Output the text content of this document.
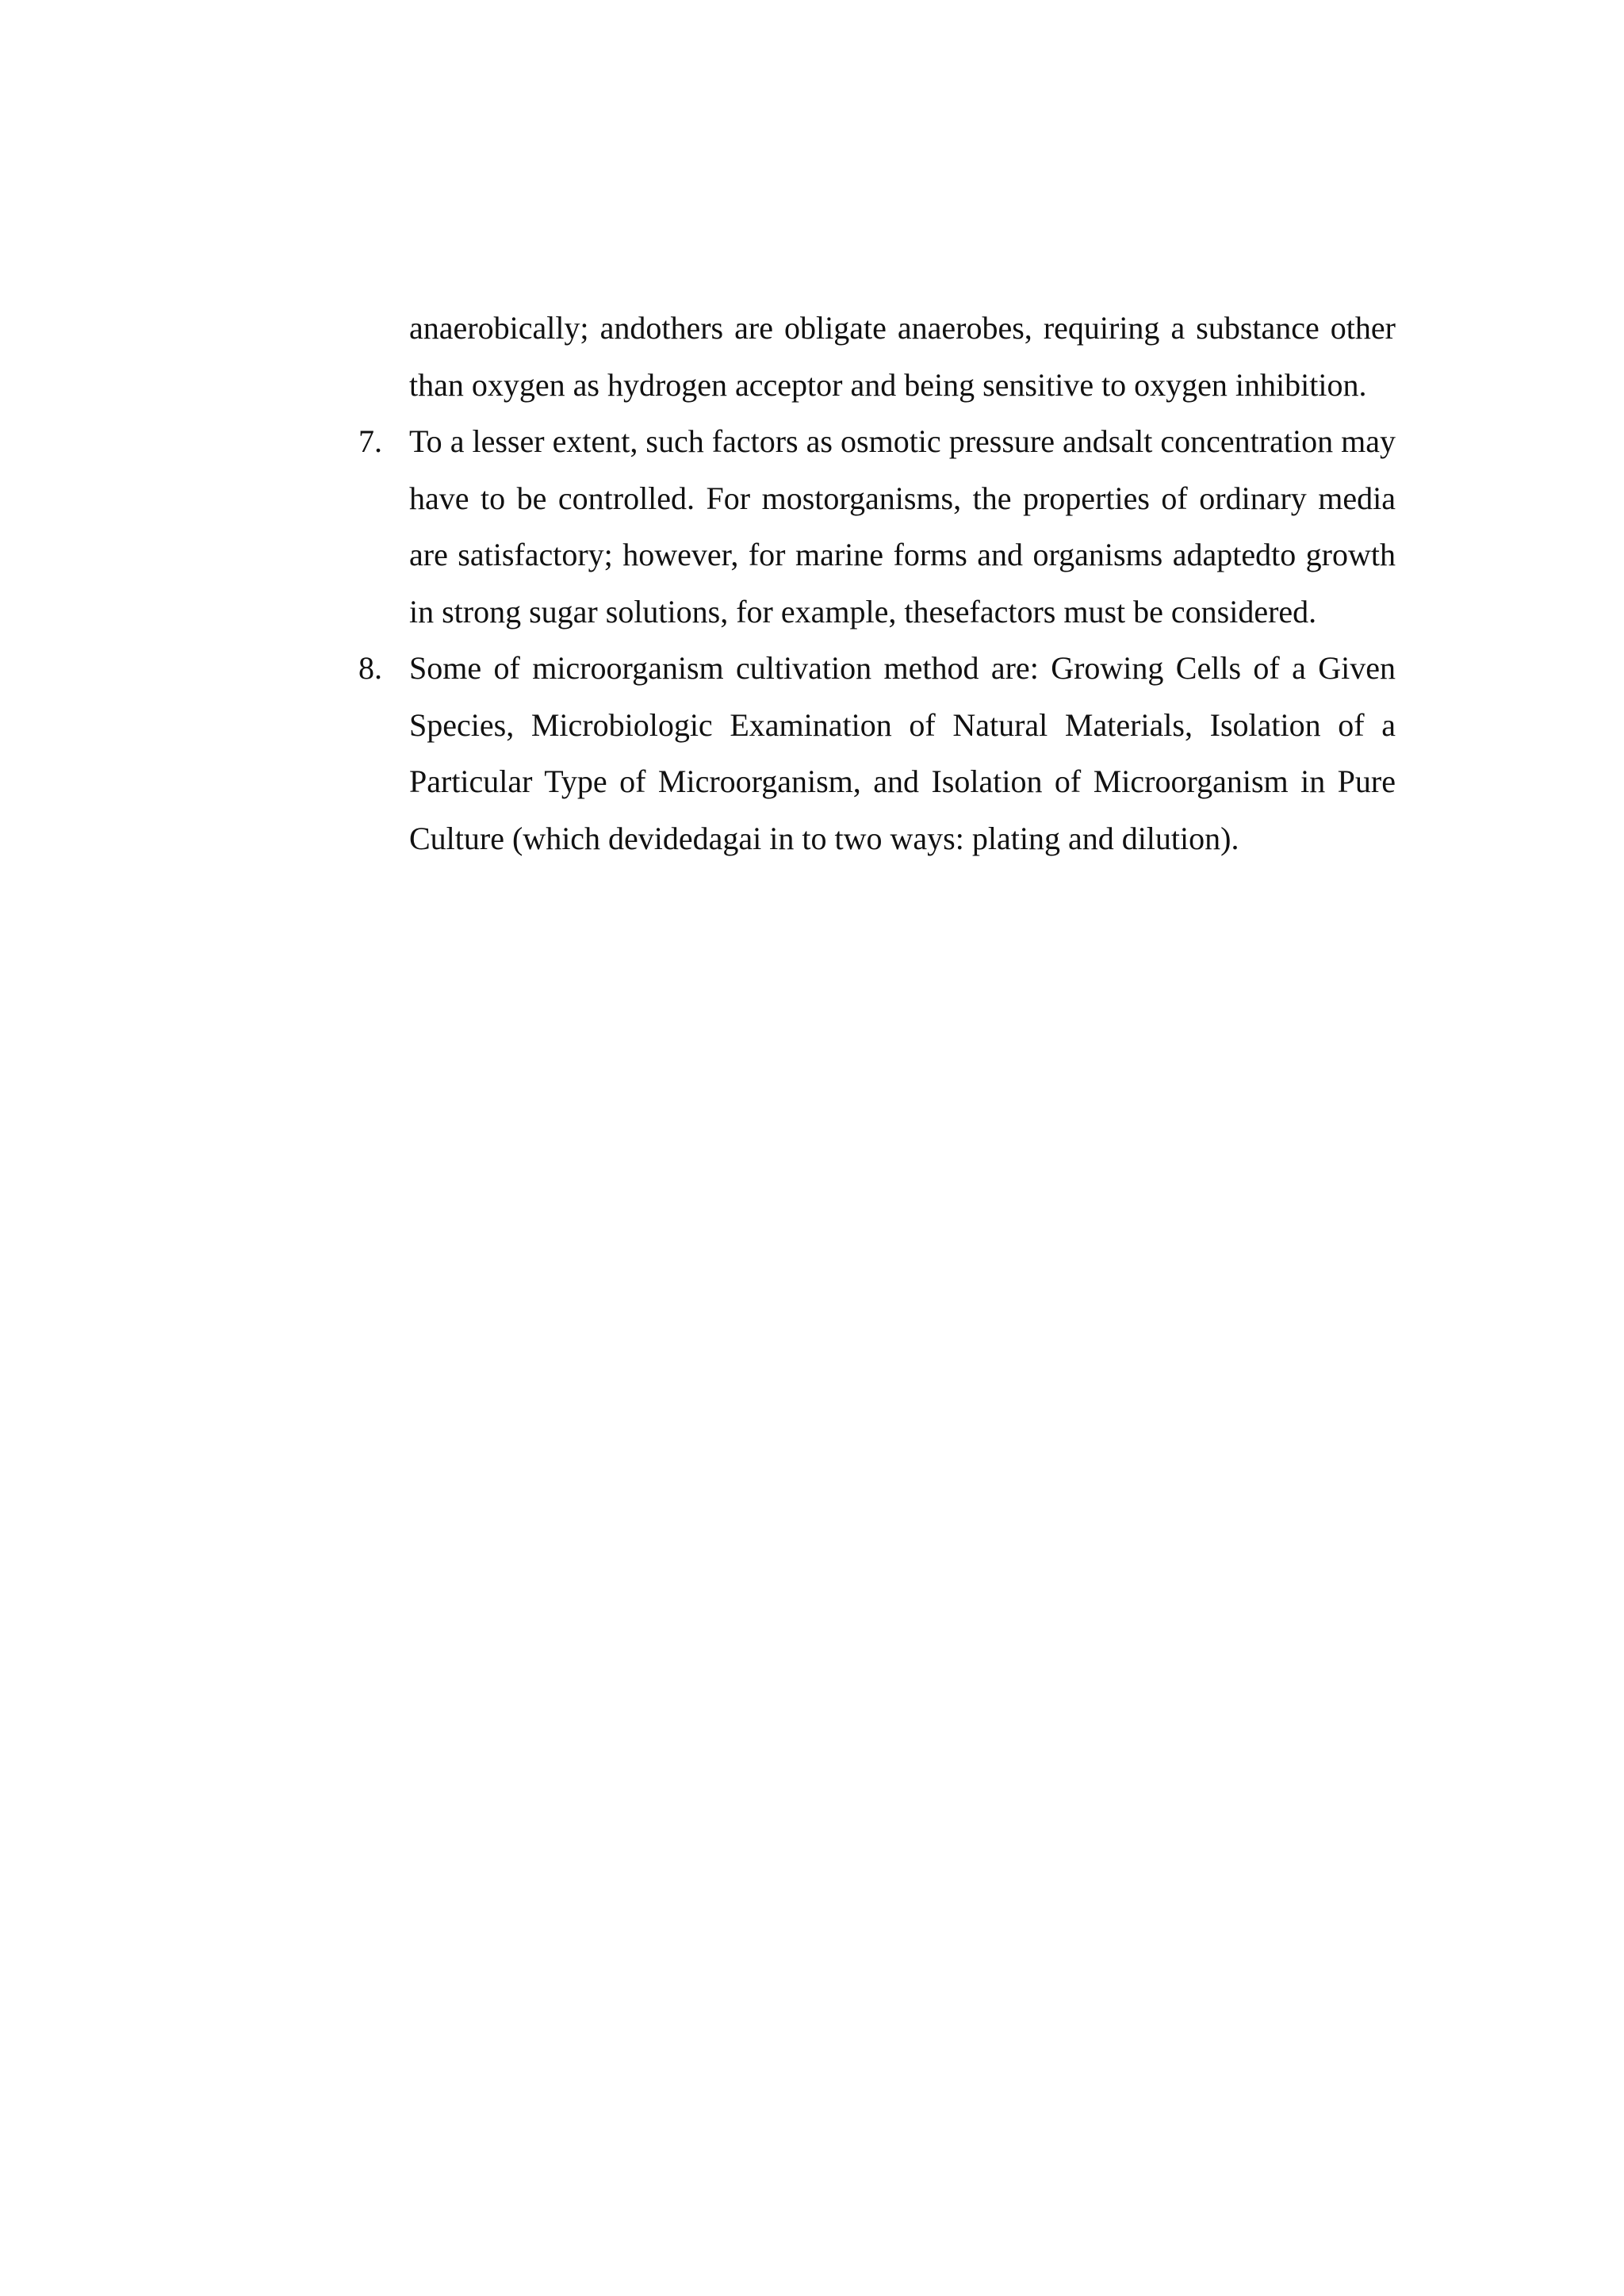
anaerobically; andothers are obligate anaerobes, requiring a substance other than oxygen as hydrogen acceptor and being sensitive to oxygen inhibition.

7. To a lesser extent, such factors as osmotic pressure andsalt concentration may have to be controlled. For mostorganisms, the properties of ordinary media are satisfactory; however, for marine forms and organisms adaptedto growth in strong sugar solutions, for example, thesefactors must be considered.
8. Some of microorganism cultivation method are: Growing Cells of a Given Species, Microbiologic Examination of Natural Materials, Isolation of a Particular Type of Microorganism, and Isolation of Microorganism in Pure Culture (which devidedagai in to two ways: plating and dilution).
